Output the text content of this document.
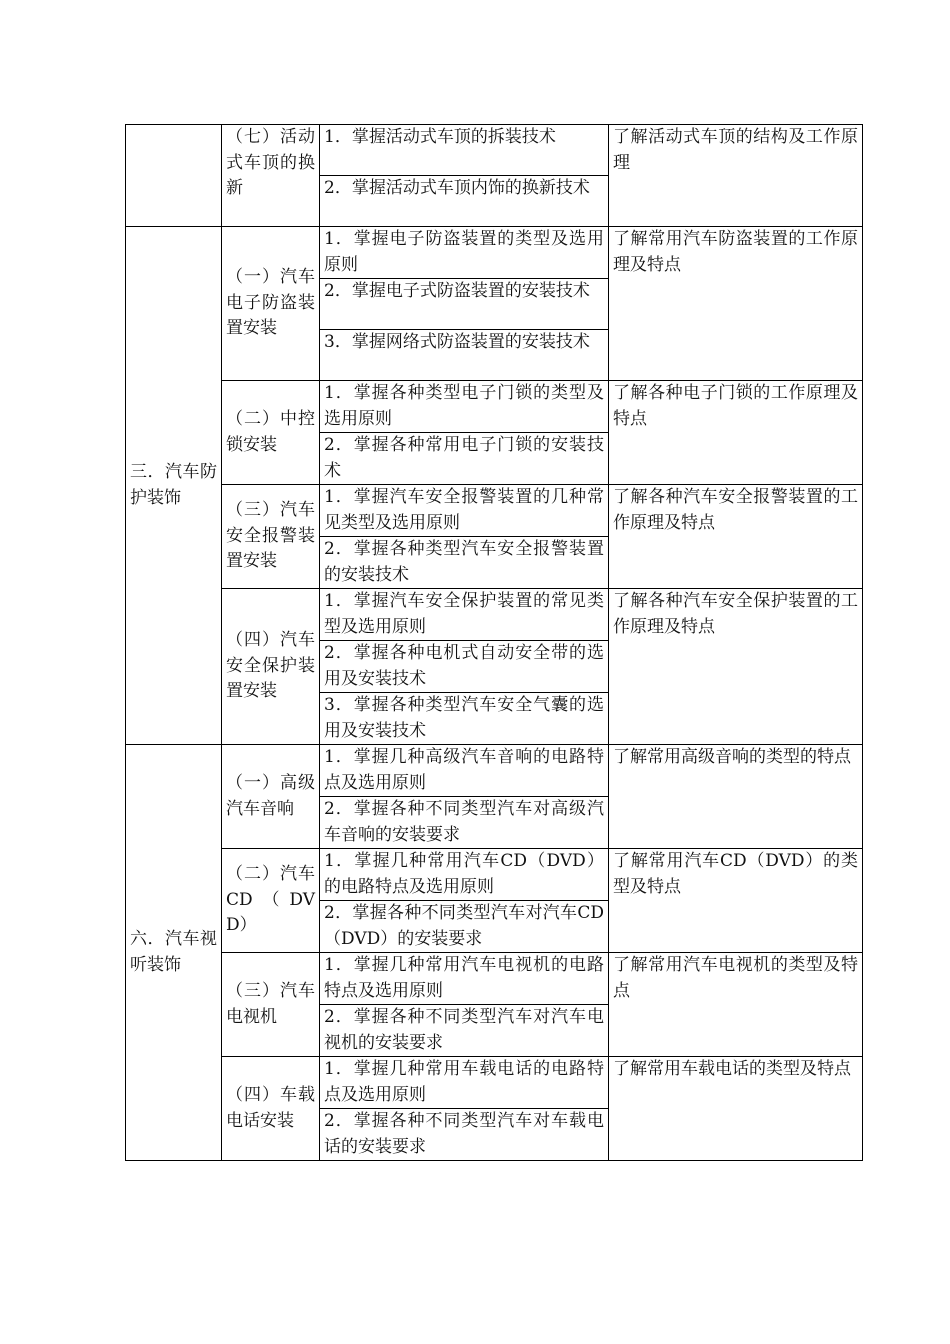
	（七）活动式车顶的换新	1．掌握活动式车顶的拆装技术	了解活动式车顶的结构及工作原理
		2．掌握活动式车顶内饰的换新技术	
三．汽车防护装饰	（一）汽车电子防盗装置安装	1．掌握电子防盗装置的类型及选用原则	了解常用汽车防盗装置的工作原理及特点
		2．掌握电子式防盗装置的安装技术	
		3．掌握网络式防盗装置的安装技术	
	（二）中控锁安装	1．掌握各种类型电子门锁的类型及选用原则	了解各种电子门锁的工作原理及特点
		2．掌握各种常用电子门锁的安装技术	
	（三）汽车安全报警装置安装	1．掌握汽车安全报警装置的几种常见类型及选用原则	了解各种汽车安全报警装置的工作原理及特点
		2．掌握各种类型汽车安全报警装置的安装技术	
	（四）汽车安全保护装置安装	1．掌握汽车安全保护装置的常见类型及选用原则	了解各种汽车安全保护装置的工作原理及特点
		2．掌握各种电机式自动安全带的选用及安装技术	
		3．掌握各种类型汽车安全气囊的选用及安装技术	
六．汽车视听装饰	（一）高级汽车音响	1．掌握几种高级汽车音响的电路特点及选用原则	了解常用高级音响的类型的特点
		2．掌握各种不同类型汽车对高级汽车音响的安装要求	
	（二）汽车CD（DVD）	1．掌握几种常用汽车CD（DVD）的电路特点及选用原则	了解常用汽车CD（DVD）的类型及特点
		2．掌握各种不同类型汽车对汽车CD（DVD）的安装要求	
	（三）汽车电视机	1．掌握几种常用汽车电视机的电路特点及选用原则	了解常用汽车电视机的类型及特点
		2．掌握各种不同类型汽车对汽车电视机的安装要求	
	（四）车载电话安装	1．掌握几种常用车载电话的电路特点及选用原则	了解常用车载电话的类型及特点
		2．掌握各种不同类型汽车对车载电话的安装要求	
